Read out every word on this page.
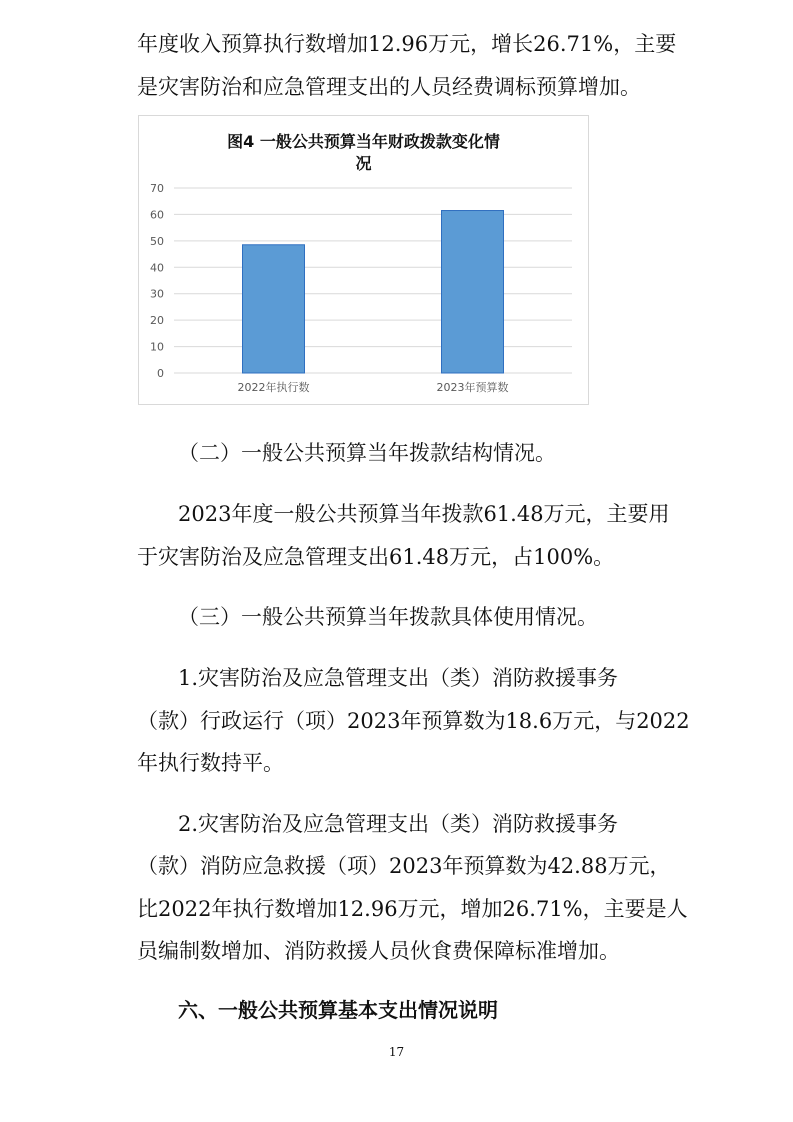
年度收入预算执行数增加12.96万元，增长26.71%，主要
是灾害防治和应急管理支出的人员经费调标预算增加。
图4 一般公共预算当年财政拨款变化情
况
0
10
20
30
40
50
60
70
2022年执行数	2023年预算数
（二）一般公共预算当年拨款结构情况。
2023年度一般公共预算当年拨款61.48万元，主要用
于灾害防治及应急管理支出61.48万元，占100%。
（三）一般公共预算当年拨款具体使用情况。
1.灾害防治及应急管理支出（类）消防救援事务
（款）行政运行（项）2023年预算数为18.6万元，与2022
年执行数持平。
2.灾害防治及应急管理支出（类）消防救援事务
（款）消防应急救援（项）2023年预算数为42.88万元，
比2022年执行数增加12.96万元，增加26.71%，主要是人
员编制数增加、消防救援人员伙食费保障标准增加。
六、一般公共预算基本支出情况说明
17
